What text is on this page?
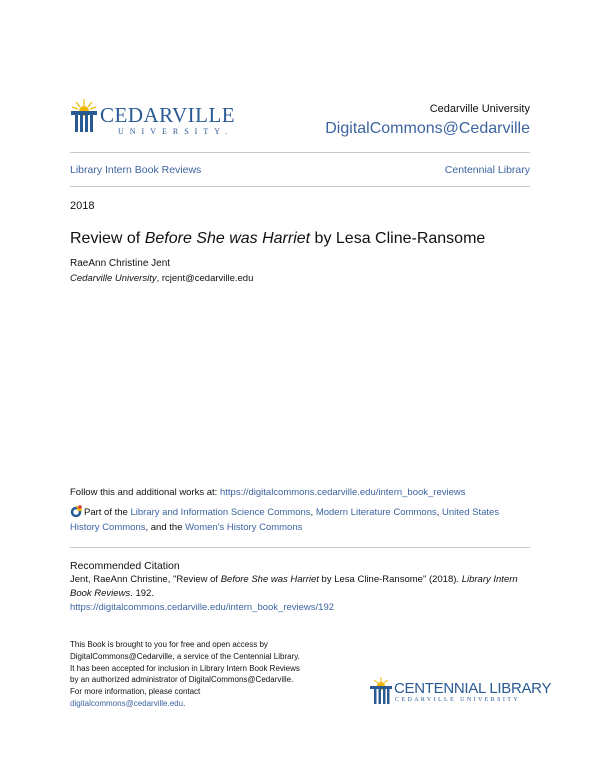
CEDARVILLE
UNIVERSITY.
Cedarville University
DigitalCommons@Cedarville
Library Intern Book Reviews	Centennial Library
2018
Review of Before She was Harriet by Lesa Cline-Ransome
RaeAnn Christine Jent
Cedarville University, rcjent@cedarville.edu
Follow this and additional works at: https://digitalcommons.cedarville.edu/intern_book_reviews
Part of the Library and Information Science Commons, Modern Literature Commons, United States History Commons, and the Women's History Commons
Recommended Citation
Jent, RaeAnn Christine, "Review of Before She was Harriet by Lesa Cline-Ransome" (2018). Library Intern Book Reviews. 192.
https://digitalcommons.cedarville.edu/intern_book_reviews/192
This Book is brought to you for free and open access by DigitalCommons@Cedarville, a service of the Centennial Library. It has been accepted for inclusion in Library Intern Book Reviews by an authorized administrator of DigitalCommons@Cedarville. For more information, please contact digitalcommons@cedarville.edu.
CENTENNIAL LIBRARY
CEDARVILLE UNIVERSITY
